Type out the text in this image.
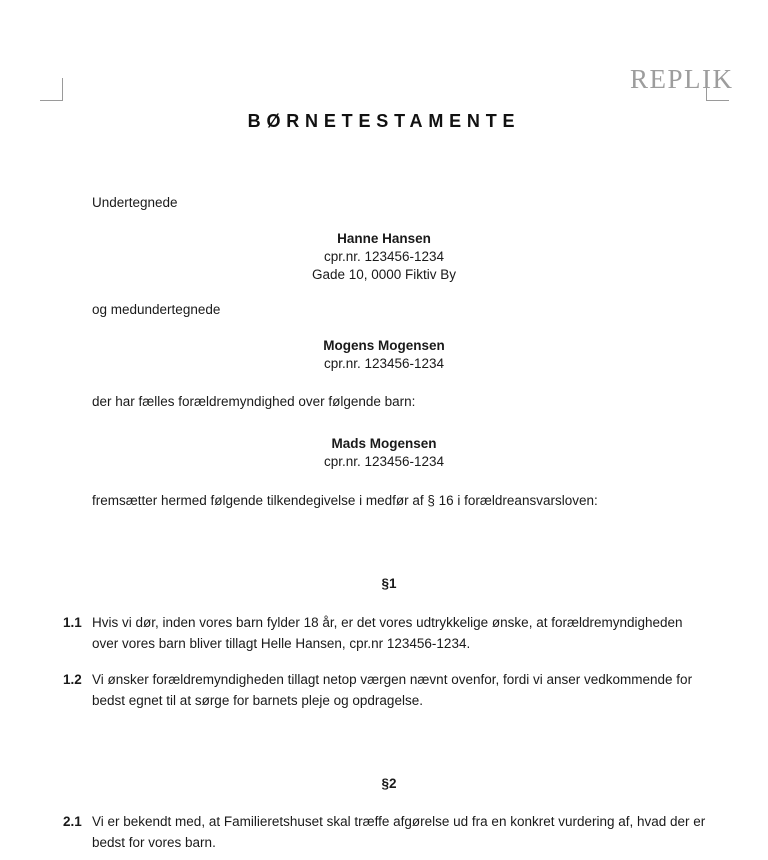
REPLIK
BØRNETESTAMENTE
Undertegnede
Hanne Hansen
cpr.nr. 123456-1234
Gade 10, 0000 Fiktiv By
og medundertegnede
Mogens Mogensen
cpr.nr. 123456-1234
der har fælles forældremyndighed over følgende barn:
Mads Mogensen
cpr.nr. 123456-1234
fremsætter hermed følgende tilkendegivelse i medfør af § 16 i forældreansvarsloven:
§1
1.1 Hvis vi dør, inden vores barn fylder 18 år, er det vores udtrykkelige ønske, at forældremyndigheden over vores barn bliver tillagt Helle Hansen, cpr.nr 123456-1234.
1.2 Vi ønsker forældremyndigheden tillagt netop værgen nævnt ovenfor, fordi vi anser vedkommende for bedst egnet til at sørge for barnets pleje og opdragelse.
§2
2.1 Vi er bekendt med, at Familieretshuset skal træffe afgørelse ud fra en konkret vurdering af, hvad der er bedst for vores barn.
